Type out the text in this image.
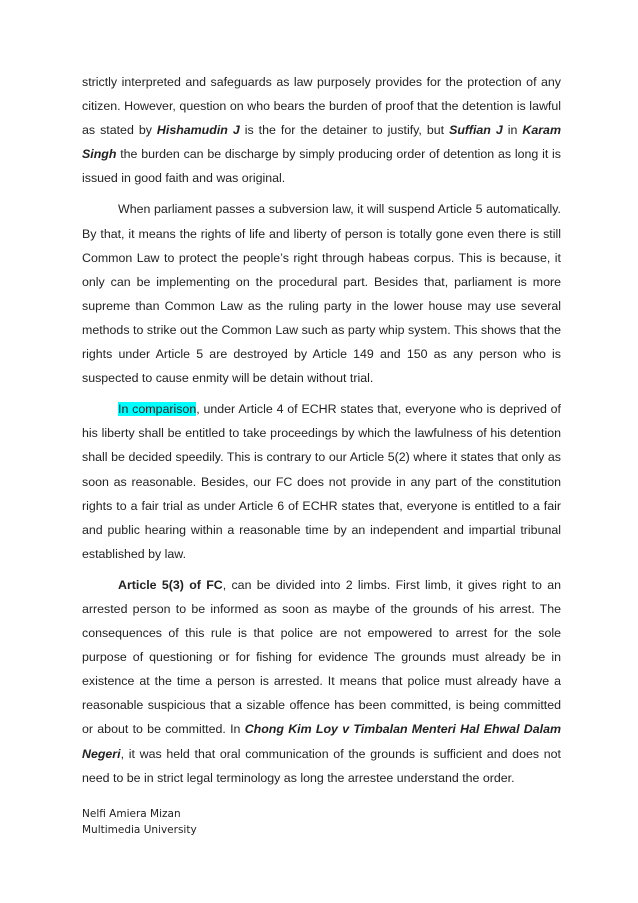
strictly interpreted and safeguards as law purposely provides for the protection of any citizen. However, question on who bears the burden of proof that the detention is lawful as stated by Hishamudin J is the for the detainer to justify, but Suffian J in Karam Singh the burden can be discharge by simply producing order of detention as long it is issued in good faith and was original.

When parliament passes a subversion law, it will suspend Article 5 automatically. By that, it means the rights of life and liberty of person is totally gone even there is still Common Law to protect the people’s right through habeas corpus. This is because, it only can be implementing on the procedural part. Besides that, parliament is more supreme than Common Law as the ruling party in the lower house may use several methods to strike out the Common Law such as party whip system. This shows that the rights under Article 5 are destroyed by Article 149 and 150 as any person who is suspected to cause enmity will be detain without trial.

In comparison, under Article 4 of ECHR states that, everyone who is deprived of his liberty shall be entitled to take proceedings by which the lawfulness of his detention shall be decided speedily. This is contrary to our Article 5(2) where it states that only as soon as reasonable. Besides, our FC does not provide in any part of the constitution rights to a fair trial as under Article 6 of ECHR states that, everyone is entitled to a fair and public hearing within a reasonable time by an independent and impartial tribunal established by law.

Article 5(3) of FC, can be divided into 2 limbs. First limb, it gives right to an arrested person to be informed as soon as maybe of the grounds of his arrest. The consequences of this rule is that police are not empowered to arrest for the sole purpose of questioning or for fishing for evidence The grounds must already be in existence at the time a person is arrested. It means that police must already have a reasonable suspicious that a sizable offence has been committed, is being committed or about to be committed. In Chong Kim Loy v Timbalan Menteri Hal Ehwal Dalam Negeri, it was held that oral communication of the grounds is sufficient and does not need to be in strict legal terminology as long the arrestee understand the order.

Nelfi Amiera Mizan
Multimedia University
